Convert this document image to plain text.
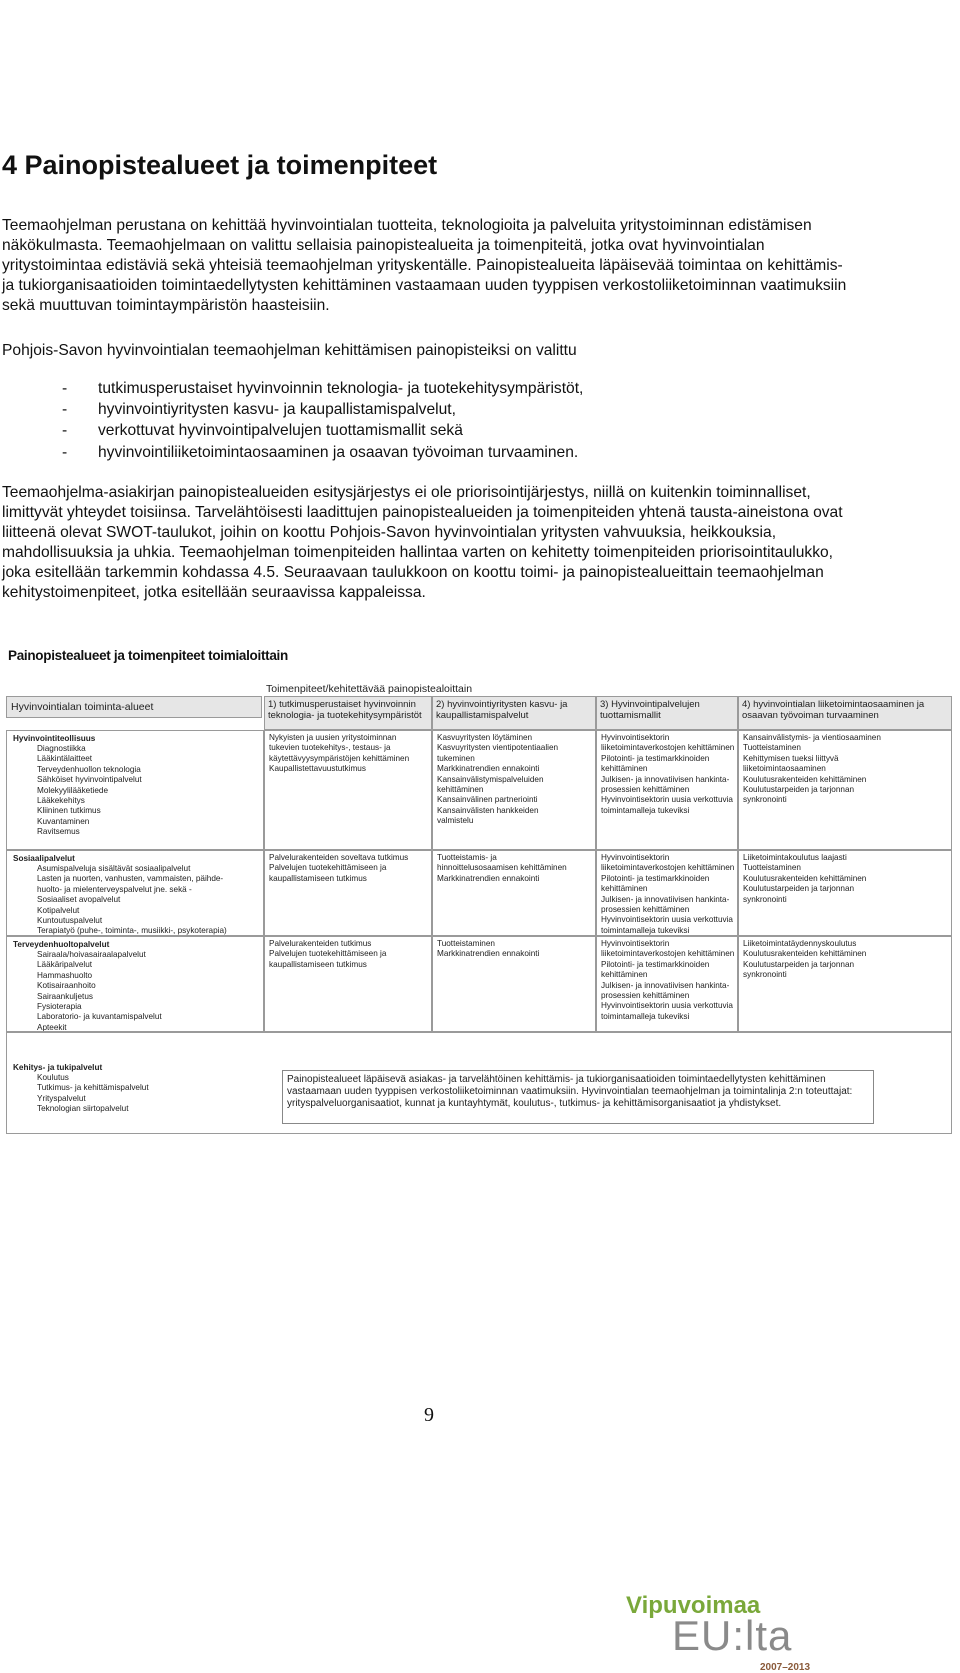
4 Painopistealueet ja toimenpiteet

Teemaohjelman perustana on kehittää hyvinvointialan tuotteita, teknologioita ja palveluita yritystoiminnan edistämisen näkökulmasta. Teemaohjelmaan on valittu sellaisia painopistealueita ja toimenpiteitä, jotka ovat hyvinvointialan yritystoimintaa edistäviä sekä yhteisiä teemaohjelman yrityskentälle. Painopistealueita läpäisevää toimintaa on kehittämis- ja tukiorganisaatioiden toimintaedellytysten kehittäminen vastaamaan uuden tyyppisen verkostoliiketoiminnan vaatimuksiin sekä muuttuvan toimintaympäristön haasteisiin.

Pohjois-Savon hyvinvointialan teemaohjelman kehittämisen painopisteiksi on valittu

- tutkimusperustaiset hyvinvoinnin teknologia- ja tuotekehitysympäristöt,
- hyvinvointiyritysten kasvu- ja kaupallistamispalvelut,
- verkottuvat hyvinvointipalvelujen tuottamismallit sekä
- hyvinvointiliiketoimintaosaaminen ja osaavan työvoiman turvaaminen.

Teemaohjelma-asiakirjan painopistealueiden esitysjärjestys ei ole priorisointijärjestys, niillä on kuitenkin toiminnalliset, limittyvät yhteydet toisiinsa. Tarvelähtöisesti laadittujen painopistealueiden ja toimenpiteiden yhtenä tausta-aineistona ovat liitteenä olevat SWOT-taulukot, joihin on koottu Pohjois-Savon hyvinvointialan yritysten vahvuuksia, heikkouksia, mahdollisuuksia ja uhkia. Teemaohjelman toimenpiteiden hallintaa varten on kehitetty toimenpiteiden priorisointitaulukko, joka esitellään tarkemmin kohdassa 4.5. Seuraavaan taulukkoon on koottu toimi- ja painopistealueittain teemaohjelman kehitystoimenpiteet, jotka esitellään seuraavissa kappaleissa.

Painopistealueet ja toimenpiteet toimialoittain
Hyvinvointialan toiminta-alueet
Toimenpiteet/kehitettävää painopistealoittain
1) tutkimusperustaiset hyvinvoinnin teknologia- ja tuotekehitysympäristöt
2) hyvinvointiyritysten kasvu- ja kaupallistamispalvelut
3) Hyvinvointipalvelujen tuottamismallit
4) hyvinvointialan liiketoimintaosaaminen ja osaavan työvoiman turvaaminen
Hyvinvointiteollisuus
Diagnostiikka
Lääkintälaitteet
Terveydenhuollon teknologia
Sähköiset hyvinvointipalvelut
Molekyylilääketiede
Lääkekehitys
Kliininen tutkimus
Kuvantaminen
Ravitsemus
Nykyisten ja uusien yritystoiminnan
tukevien tuotekehitys-, testaus- ja
käytettävyysympäristöjen kehittäminen
Kaupallistettavuustutkimus
Kasvuyritysten löytäminen
Kasvuyritysten vientipotentiaalien
tukeminen
Markkinatrendien ennakointi
Kansainvälistymispalveluiden
kehittäminen
Kansainvälinen partneriointi
Kansainvälisten hankkeiden
valmistelu
Hyvinvointisektorin
liiketoimintaverkostojen kehittäminen
Pilotointi- ja testimarkkinoiden
kehittäminen
Julkisen- ja innovatiivisen hankinta-
prosessien kehittäminen
Hyvinvointisektorin uusia verkottuvia
toimintamalleja tukeviksi
Kansainvälistymis- ja vientiosaaminen
Tuotteistaminen
Kehittymisen tueksi liittyvä
liiketoimintaosaaminen
Koulutusrakenteiden kehittäminen
Koulutustarpeiden ja tarjonnan
synkronointi
Sosiaalipalvelut
Asumispalveluja sisältävät sosiaalipalvelut
Lasten ja nuorten, vanhusten, vammaisten, päihde-
huolto- ja mielenterveyspalvelut jne. sekä -
Sosiaaliset avopalvelut
Kotipalvelut
Kuntoutuspalvelut
Terapiatyö (puhe-, toiminta-, musiikki-, psykoterapia)
Palvelurakenteiden soveltava tutkimus
Palvelujen tuotekehittämiseen ja
kaupallistamiseen tutkimus
Tuotteistamis- ja
hinnoittelusosaamisen kehittäminen
Markkinatrendien ennakointi
Hyvinvointisektorin
liiketoimintaverkostojen kehittäminen
Pilotointi- ja testimarkkinoiden
kehittäminen
Julkisen- ja innovatiivisen hankinta-
prosessien kehittäminen
Hyvinvointisektorin uusia verkottuvia
toimintamalleja tukeviksi
Liiketoimintakoulutus laajasti
Tuotteistaminen
Koulutusrakenteiden kehittäminen
Koulutustarpeiden ja tarjonnan
synkronointi
Terveydenhuoltopalvelut
Sairaala/hoivasairaalapalvelut
Lääkäripalvelut
Hammashuolto
Kotisairaanhoito
Sairaankuljetus
Fysioterapia
Laboratorio- ja kuvantamispalvelut
Apteekit
Palvelurakenteiden tutkimus
Palvelujen tuotekehittämiseen ja
kaupallistamiseen tutkimus
Tuotteistaminen
Markkinatrendien ennakointi
Hyvinvointisektorin
liiketoimintaverkostojen kehittäminen
Pilotointi- ja testimarkkinoiden
kehittäminen
Julkisen- ja innovatiivisen hankinta-
prosessien kehittäminen
Hyvinvointisektorin uusia verkottuvia
toimintamalleja tukeviksi
Liiketoimintatäydennyskoulutus
Koulutusrakenteiden kehittäminen
Koulutustarpeiden ja tarjonnan
synkronointi
Kehitys- ja tukipalvelut
Koulutus
Tutkimus- ja kehittämispalvelut
Yrityspalvelut
Teknologian siirtopalvelut
Painopistealueet läpäisevä asiakas- ja tarvelähtöinen kehittämis- ja tukiorganisaatioiden toimintaedellytysten kehittäminen vastaamaan uuden tyyppisen verkostoliiketoiminnan vaatimuksiin. Hyvinvointialan teemaohjelman ja toimintalinja 2:n toteuttajat: yrityspalveluorganisaatiot, kunnat ja kuntayhtymät, koulutus-, tutkimus- ja kehittämisorganisaatiot ja yhdistykset.
Vipuvoimaa
EU:lta
2007–2013
9
